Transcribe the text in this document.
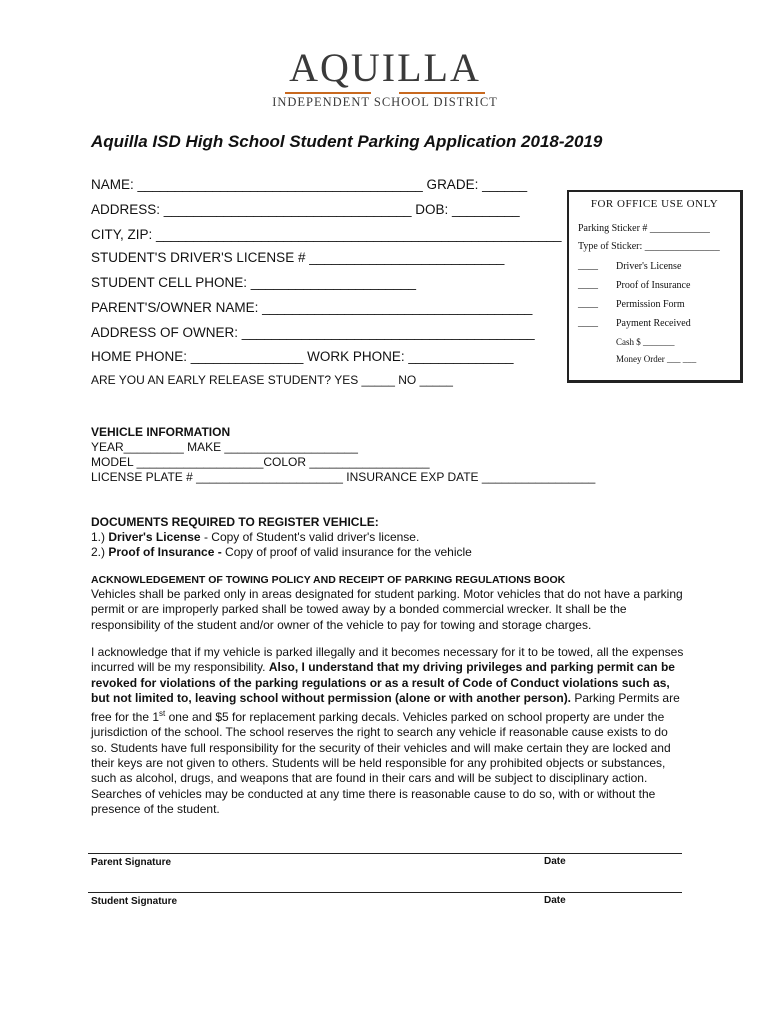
AQUILLA
INDEPENDENT SCHOOL DISTRICT
Aquilla ISD High School Student Parking Application 2018-2019
NAME: ______________________________________ GRADE: ______
ADDRESS: _________________________________ DOB: _________
CITY, ZIP: ______________________________________________________
STUDENT'S DRIVER'S LICENSE # __________________________
STUDENT CELL PHONE: ______________________
PARENT'S/OWNER NAME: ____________________________________
ADDRESS OF OWNER: _______________________________________
HOME PHONE: _______________ WORK PHONE: ______________
ARE YOU AN EARLY RELEASE STUDENT? YES _____ NO _____
FOR OFFICE USE ONLY
Parking Sticker # ____________
Type of Sticker: _______________
____ Driver's License
____ Proof of Insurance
____ Permission Form
____ Payment Received
Cash $ _______
Money Order ___ ___
VEHICLE INFORMATION
YEAR_________ MAKE ____________________
MODEL ___________________COLOR __________________
LICENSE PLATE # ______________________ INSURANCE EXP DATE _________________
DOCUMENTS REQUIRED TO REGISTER VEHICLE:
1.) Driver's License - Copy of Student's valid driver's license.
2.) Proof of Insurance - Copy of proof of valid insurance for the vehicle
ACKNOWLEDGEMENT OF TOWING POLICY AND RECEIPT OF PARKING REGULATIONS BOOK
Vehicles shall be parked only in areas designated for student parking. Motor vehicles that do not have a parking permit or are improperly parked shall be towed away by a bonded commercial wrecker. It shall be the responsibility of the student and/or owner of the vehicle to pay for towing and storage charges.
I acknowledge that if my vehicle is parked illegally and it becomes necessary for it to be towed, all the expenses incurred will be my responsibility. Also, I understand that my driving privileges and parking permit can be revoked for violations of the parking regulations or as a result of Code of Conduct violations such as, but not limited to, leaving school without permission (alone or with another person). Parking Permits are free for the 1st one and $5 for replacement parking decals. Vehicles parked on school property are under the jurisdiction of the school. The school reserves the right to search any vehicle if reasonable cause exists to do so. Students have full responsibility for the security of their vehicles and will make certain they are locked and their keys are not given to others. Students will be held responsible for any prohibited objects or substances, such as alcohol, drugs, and weapons that are found in their cars and will be subject to disciplinary action. Searches of vehicles may be conducted at any time there is reasonable cause to do so, with or without the presence of the student.
Parent Signature	Date
Student Signature	Date
